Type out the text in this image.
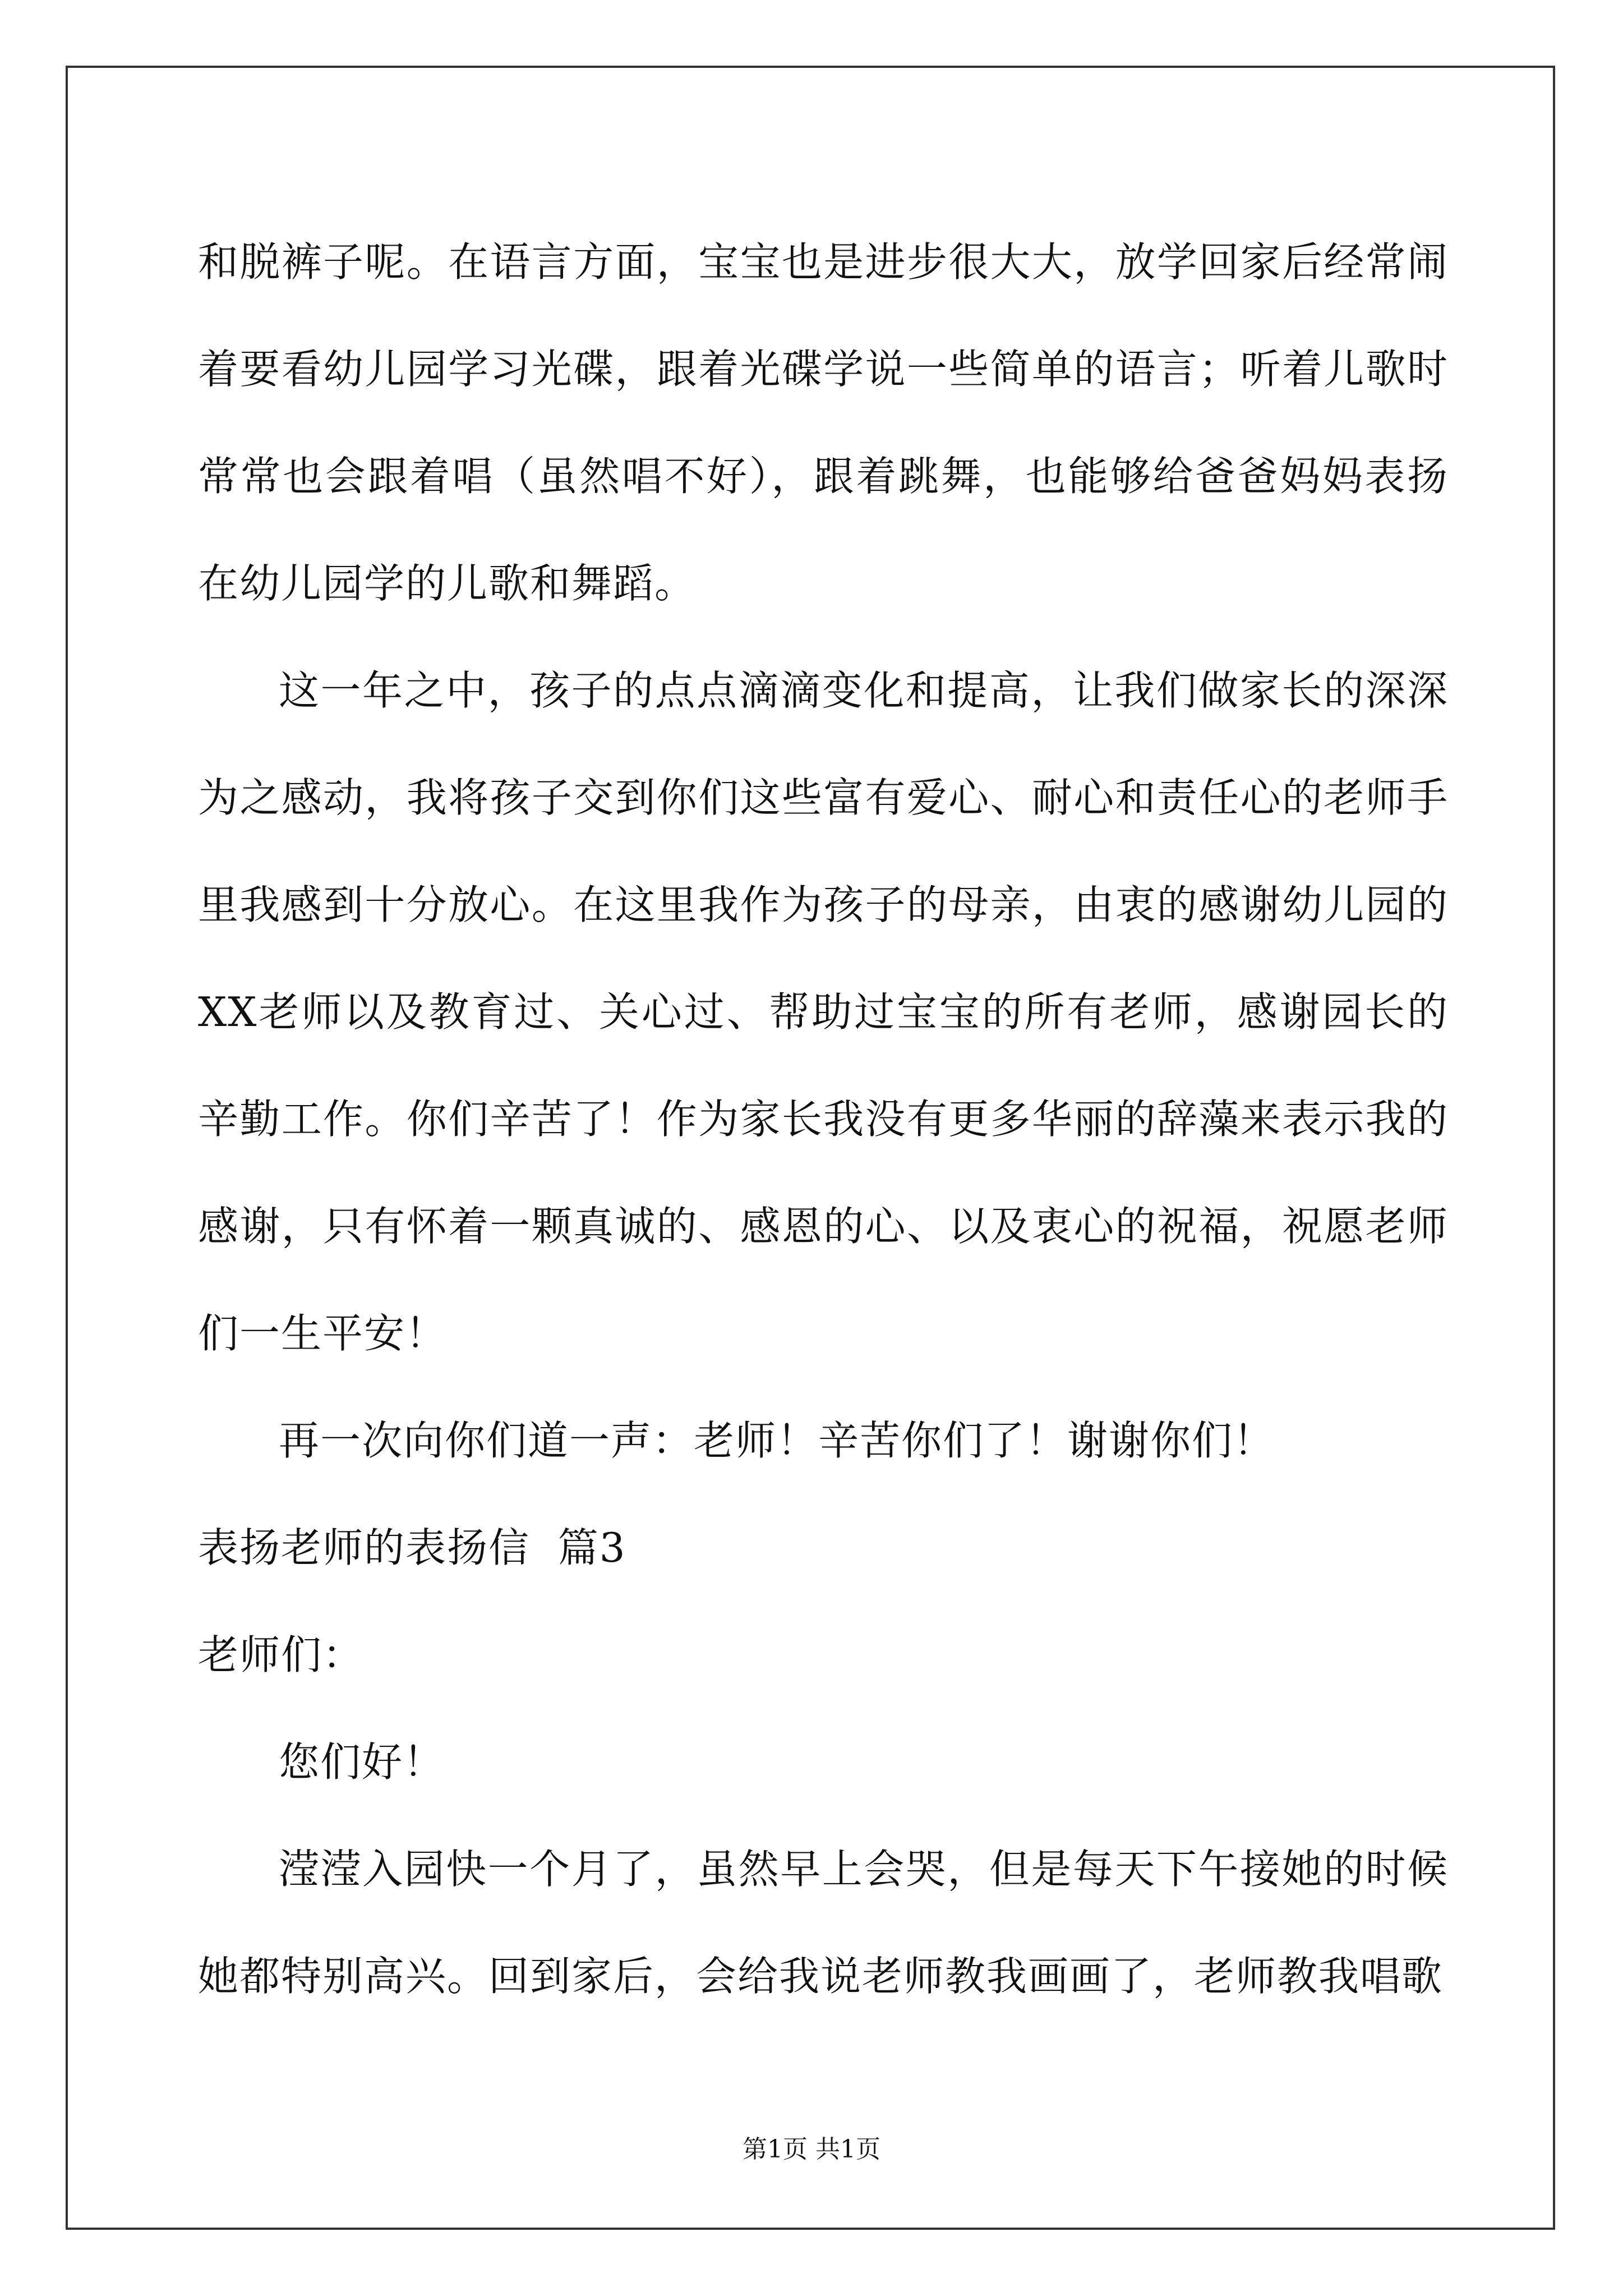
和脱裤子呢。在语言方面，宝宝也是进步很大大，放学回家后经常闹着要看幼儿园学习光碟，跟着光碟学说一些简单的语言；听着儿歌时常常也会跟着唱（虽然唱不好），跟着跳舞，也能够给爸爸妈妈表扬在幼儿园学的儿歌和舞蹈。

这一年之中，孩子的点点滴滴变化和提高，让我们做家长的深深为之感动，我将孩子交到你们这些富有爱心、耐心和责任心的老师手里我感到十分放心。在这里我作为孩子的母亲，由衷的感谢幼儿园的XX老师以及教育过、关心过、帮助过宝宝的所有老师，感谢园长的辛勤工作。你们辛苦了！作为家长我没有更多华丽的辞藻来表示我的感谢，只有怀着一颗真诚的、感恩的心、以及衷心的祝福，祝愿老师们一生平安！

再一次向你们道一声：老师！辛苦你们了！谢谢你们！

表扬老师的表扬信  篇3

老师们：

您们好！

滢滢入园快一个月了，虽然早上会哭，但是每天下午接她的时候她都特别高兴。回到家后，会给我说老师教我画画了，老师教我唱歌

第1页 共1页
